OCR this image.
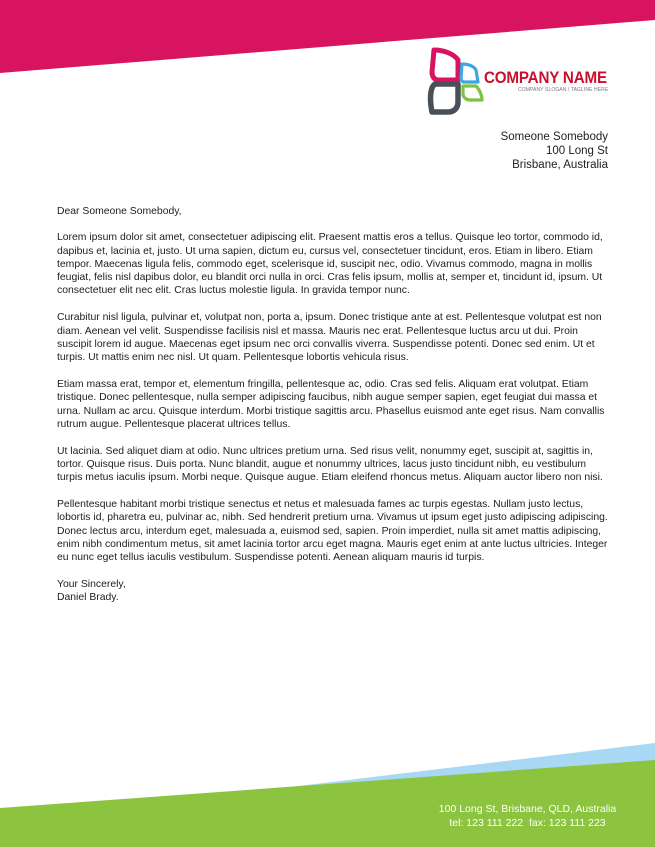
COMPANY NAME
COMPANY SLOGAN / TAGLINE HERE
Someone Somebody
100 Long St
Brisbane, Australia

Dear Someone Somebody,

Lorem ipsum dolor sit amet, consectetuer adipiscing elit. Praesent mattis eros a tellus. Quisque leo tortor, commodo id, dapibus et, lacinia et, justo. Ut urna sapien, dictum eu, cursus vel, consectetuer tincidunt, eros. Etiam in libero. Etiam tempor. Maecenas ligula felis, commodo eget, scelerisque id, suscipit nec, odio. Vivamus commodo, magna in mollis feugiat, felis nisl dapibus dolor, eu blandit orci nulla in orci. Cras felis ipsum, mollis at, semper et, tincidunt id, ipsum. Ut consectetuer elit nec elit. Cras luctus molestie ligula. In gravida tempor nunc.

Curabitur nisl ligula, pulvinar et, volutpat non, porta a, ipsum. Donec tristique ante at est. Pellentesque volutpat est non diam. Aenean vel velit. Suspendisse facilisis nisl et massa. Mauris nec erat. Pellentesque luctus arcu ut dui. Proin suscipit lorem id augue. Maecenas eget ipsum nec orci convallis viverra. Suspendisse potenti. Donec sed enim. Ut et turpis. Ut mattis enim nec nisl. Ut quam. Pellentesque lobortis vehicula risus.

Etiam massa erat, tempor et, elementum fringilla, pellentesque ac, odio. Cras sed felis. Aliquam erat volutpat. Etiam tristique. Donec pellentesque, nulla semper adipiscing faucibus, nibh augue semper sapien, eget feugiat dui massa et urna. Nullam ac arcu. Quisque interdum. Morbi tristique sagittis arcu. Phasellus euismod ante eget risus. Nam convallis rutrum augue. Pellentesque placerat ultrices tellus.

Ut lacinia. Sed aliquet diam at odio. Nunc ultrices pretium urna. Sed risus velit, nonummy eget, suscipit at, sagittis in, tortor. Quisque risus. Duis porta. Nunc blandit, augue et nonummy ultrices, lacus justo tincidunt nibh, eu vestibulum turpis metus iaculis ipsum. Morbi neque. Quisque augue. Etiam eleifend rhoncus metus. Aliquam auctor libero non nisi.

Pellentesque habitant morbi tristique senectus et netus et malesuada fames ac turpis egestas. Nullam justo lectus, lobortis id, pharetra eu, pulvinar ac, nibh. Sed hendrerit pretium urna. Vivamus ut ipsum eget justo adipiscing adipiscing. Donec lectus arcu, interdum eget, malesuada a, euismod sed, sapien. Proin imperdiet, nulla sit amet mattis adipiscing, enim nibh condimentum metus, sit amet lacinia tortor arcu eget magna. Mauris eget enim at ante luctus ultricies. Integer eu nunc eget tellus iaculis vestibulum. Suspendisse potenti. Aenean aliquam mauris id turpis.

Your Sincerely,

Daniel Brady.

100 Long St, Brisbane, QLD, Australia
tel: 123 111 222  fax: 123 111 223
